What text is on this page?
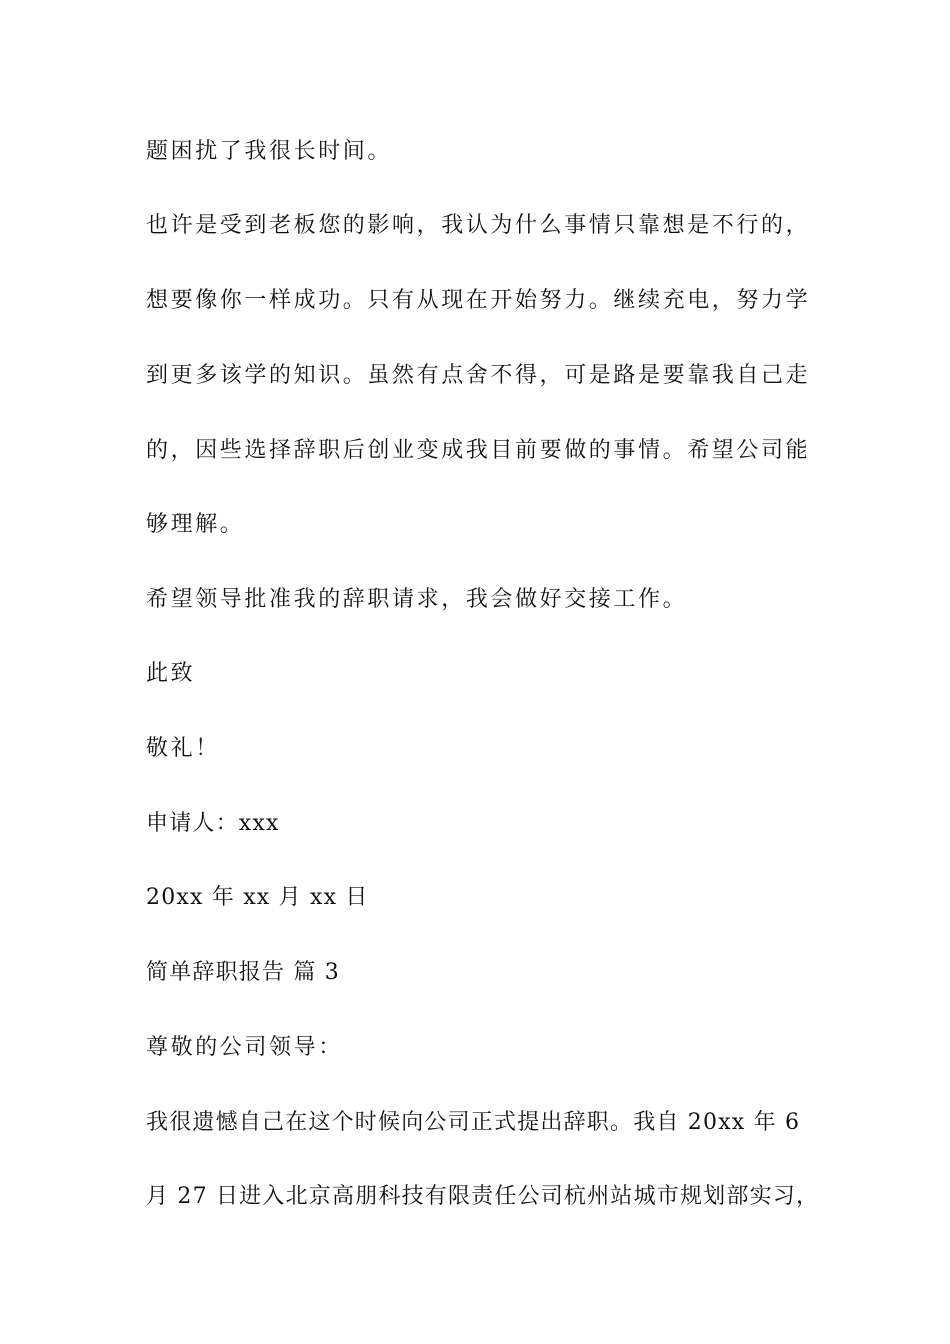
题困扰了我很长时间。

也许是受到老板您的影响，我认为什么事情只靠想是不行的，

想要像你一样成功。只有从现在开始努力。继续充电，努力学

到更多该学的知识。虽然有点舍不得，可是路是要靠我自己走

的，因些选择辞职后创业变成我目前要做的事情。希望公司能

够理解。

希望领导批准我的辞职请求，我会做好交接工作。

此致

敬礼！

申请人：xxx

20xx 年 xx 月 xx 日

简单辞职报告 篇 3

尊敬的公司领导：

我很遗憾自己在这个时候向公司正式提出辞职。我自 20xx 年 6

月 27 日进入北京高朋科技有限责任公司杭州站城市规划部实习，
